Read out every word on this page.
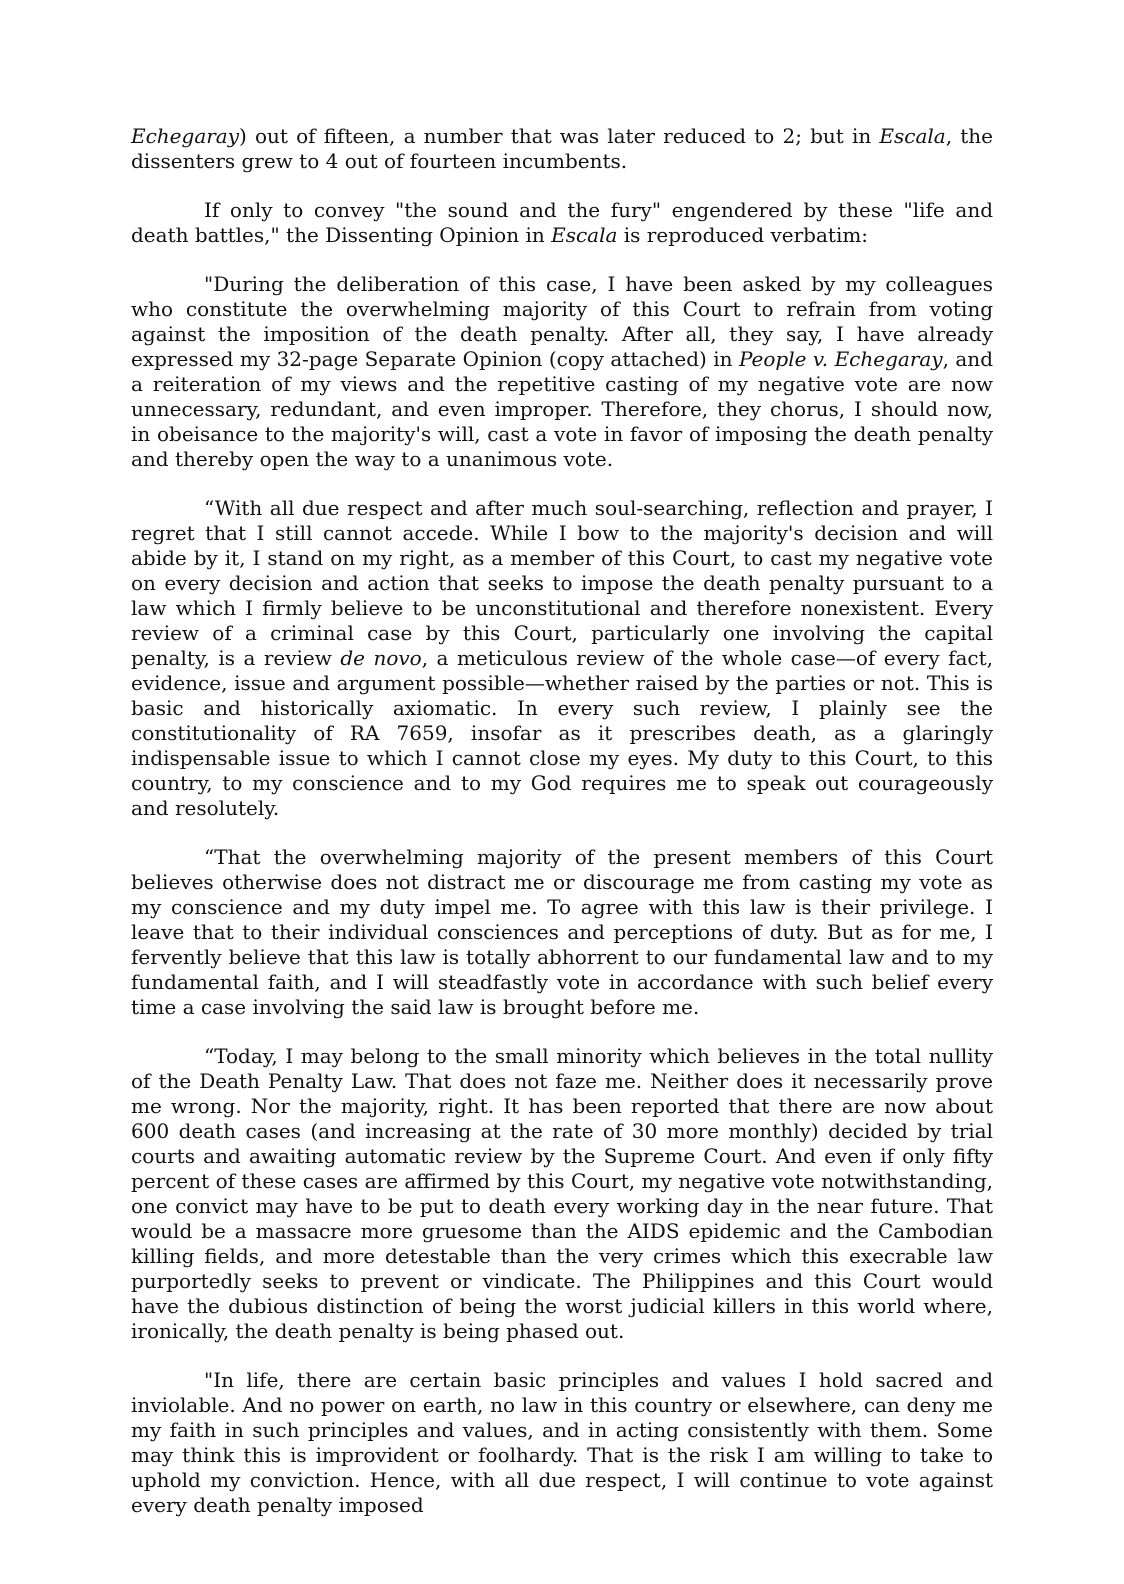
Echegaray) out of fifteen, a number that was later reduced to 2; but in Escala, the dissenters grew to 4 out of fourteen incumbents.

If only to convey "the sound and the fury" engendered by these "life and death battles," the Dissenting Opinion in Escala is reproduced verbatim:

"During the deliberation of this case, I have been asked by my colleagues who constitute the overwhelming majority of this Court to refrain from voting against the imposition of the death penalty. After all, they say, I have already expressed my 32-page Separate Opinion (copy attached) in People v. Echegaray, and a reiteration of my views and the repetitive casting of my negative vote are now unnecessary, redundant, and even improper. Therefore, they chorus, I should now, in obeisance to the majority's will, cast a vote in favor of imposing the death penalty and thereby open the way to a unanimous vote.

“With all due respect and after much soul-searching, reflection and prayer, I regret that I still cannot accede. While I bow to the majority's decision and will abide by it, I stand on my right, as a member of this Court, to cast my negative vote on every decision and action that seeks to impose the death penalty pursuant to a law which I firmly believe to be unconstitutional and therefore nonexistent. Every review of a criminal case by this Court, particularly one involving the capital penalty, is a review de novo, a meticulous review of the whole case—of every fact, evidence, issue and argument possible—whether raised by the parties or not. This is basic and historically axiomatic. In every such review, I plainly see the constitutionality of RA 7659, insofar as it prescribes death, as a glaringly indispensable issue to which I cannot close my eyes. My duty to this Court, to this country, to my conscience and to my God requires me to speak out courageously and resolutely.

“That the overwhelming majority of the present members of this Court believes otherwise does not distract me or discourage me from casting my vote as my conscience and my duty impel me. To agree with this law is their privilege. I leave that to their individual consciences and perceptions of duty. But as for me, I fervently believe that this law is totally abhorrent to our fundamental law and to my fundamental faith, and I will steadfastly vote in accordance with such belief every time a case involving the said law is brought before me.

“Today, I may belong to the small minority which believes in the total nullity of the Death Penalty Law. That does not faze me. Neither does it necessarily prove me wrong. Nor the majority, right. It has been reported that there are now about 600 death cases (and increasing at the rate of 30 more monthly) decided by trial courts and awaiting automatic review by the Supreme Court. And even if only fifty percent of these cases are affirmed by this Court, my negative vote notwithstanding, one convict may have to be put to death every working day in the near future. That would be a massacre more gruesome than the AIDS epidemic and the Cambodian killing fields, and more detestable than the very crimes which this execrable law purportedly seeks to prevent or vindicate. The Philippines and this Court would have the dubious distinction of being the worst judicial killers in this world where, ironically, the death penalty is being phased out.

"In life, there are certain basic principles and values I hold sacred and inviolable. And no power on earth, no law in this country or elsewhere, can deny me my faith in such principles and values, and in acting consistently with them. Some may think this is improvident or foolhardy. That is the risk I am willing to take to uphold my conviction. Hence, with all due respect, I will continue to vote against every death penalty imposed
